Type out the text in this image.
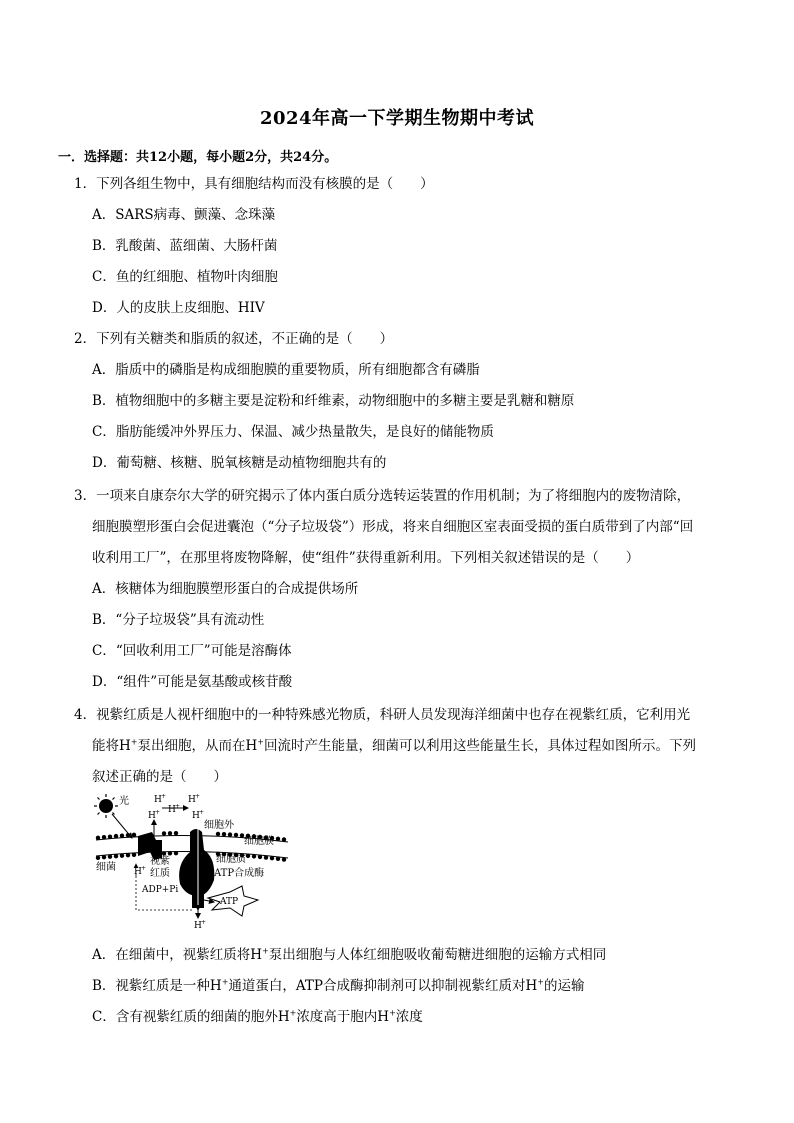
2024年高一下学期生物期中考试
一．选择题：共12小题，每小题2分，共24分。
1．下列各组生物中，具有细胞结构而没有核膜的是（　　）
A．SARS病毒、颤藻、念珠藻
B．乳酸菌、蓝细菌、大肠杆菌
C．鱼的红细胞、植物叶肉细胞
D．人的皮肤上皮细胞、HIV
2．下列有关糖类和脂质的叙述，不正确的是（　　）
A．脂质中的磷脂是构成细胞膜的重要物质，所有细胞都含有磷脂
B．植物细胞中的多糖主要是淀粉和纤维素，动物细胞中的多糖主要是乳糖和糖原
C．脂肪能缓冲外界压力、保温、减少热量散失，是良好的储能物质
D．葡萄糖、核糖、脱氧核糖是动植物细胞共有的
3．一项来自康奈尔大学的研究揭示了体内蛋白质分选转运装置的作用机制；为了将细胞内的废物清除，
细胞膜塑形蛋白会促进囊泡（“分子垃圾袋”）形成，将来自细胞区室表面受损的蛋白质带到了内部“回
收利用工厂”，在那里将废物降解，使“组件”获得重新利用。下列相关叙述错误的是（　　）
A．核糖体为细胞膜塑形蛋白的合成提供场所
B．“分子垃圾袋”具有流动性
C．“回收利用工厂”可能是溶酶体
D．“组件”可能是氨基酸或核苷酸
4．视紫红质是人视杆细胞中的一种特殊感光物质，科研人员发现海洋细菌中也存在视紫红质，它利用光
能将H+泵出细胞，从而在H+回流时产生能量，细菌可以利用这些能量生长，具体过程如图所示。下列
叙述正确的是（　　）
光	H +
H +
H +
H +
H +
细胞外
细胞膜
细胞质
ATP合成酶
细菌
视紫
红质
H +
ADP+Pi
H +
ATP
A．在细菌中，视紫红质将H+泵出细胞与人体红细胞吸收葡萄糖进细胞的运输方式相同
B．视紫红质是一种H+通道蛋白，ATP合成酶抑制剂可以抑制视紫红质对H+的运输
C．含有视紫红质的细菌的胞外H+浓度高于胞内H+浓度
